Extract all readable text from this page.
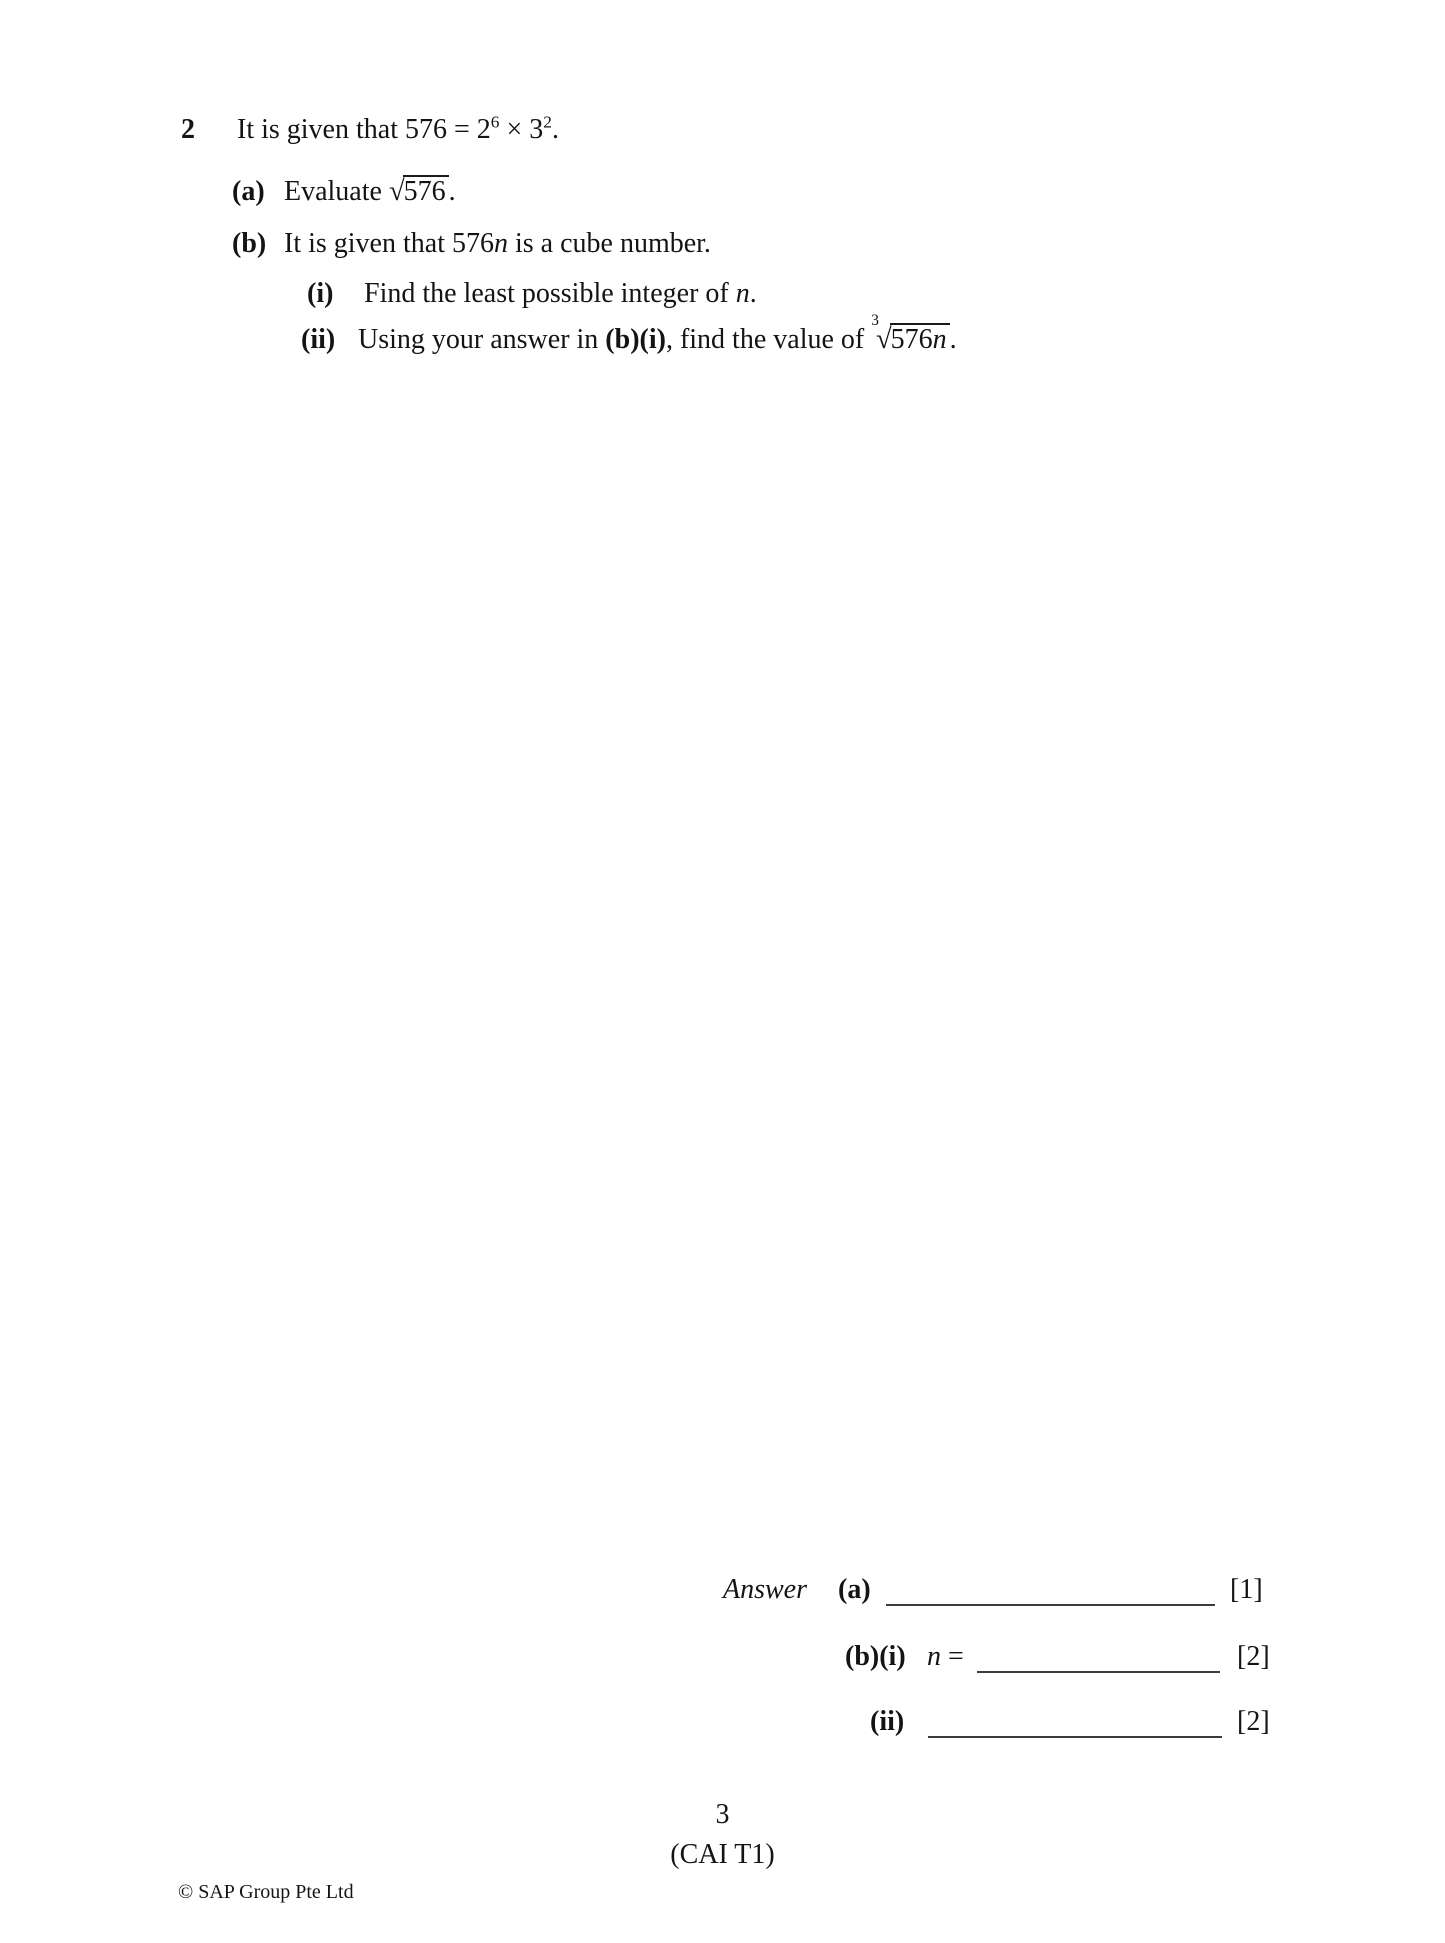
2 It is given that $576 = 2^6 \times 3^2$.
(a) Evaluate √576 .
(b) It is given that 576n is a cube number.
(i) Find the least possible integer of n.
(ii) Using your answer in (b)(i), find the value of $^3$√576n .
Answer (a)	[1]
(b)(i) n =	[2]
(ii)	[2]
3
(CAI T1)
© SAP Group Pte Ltd
